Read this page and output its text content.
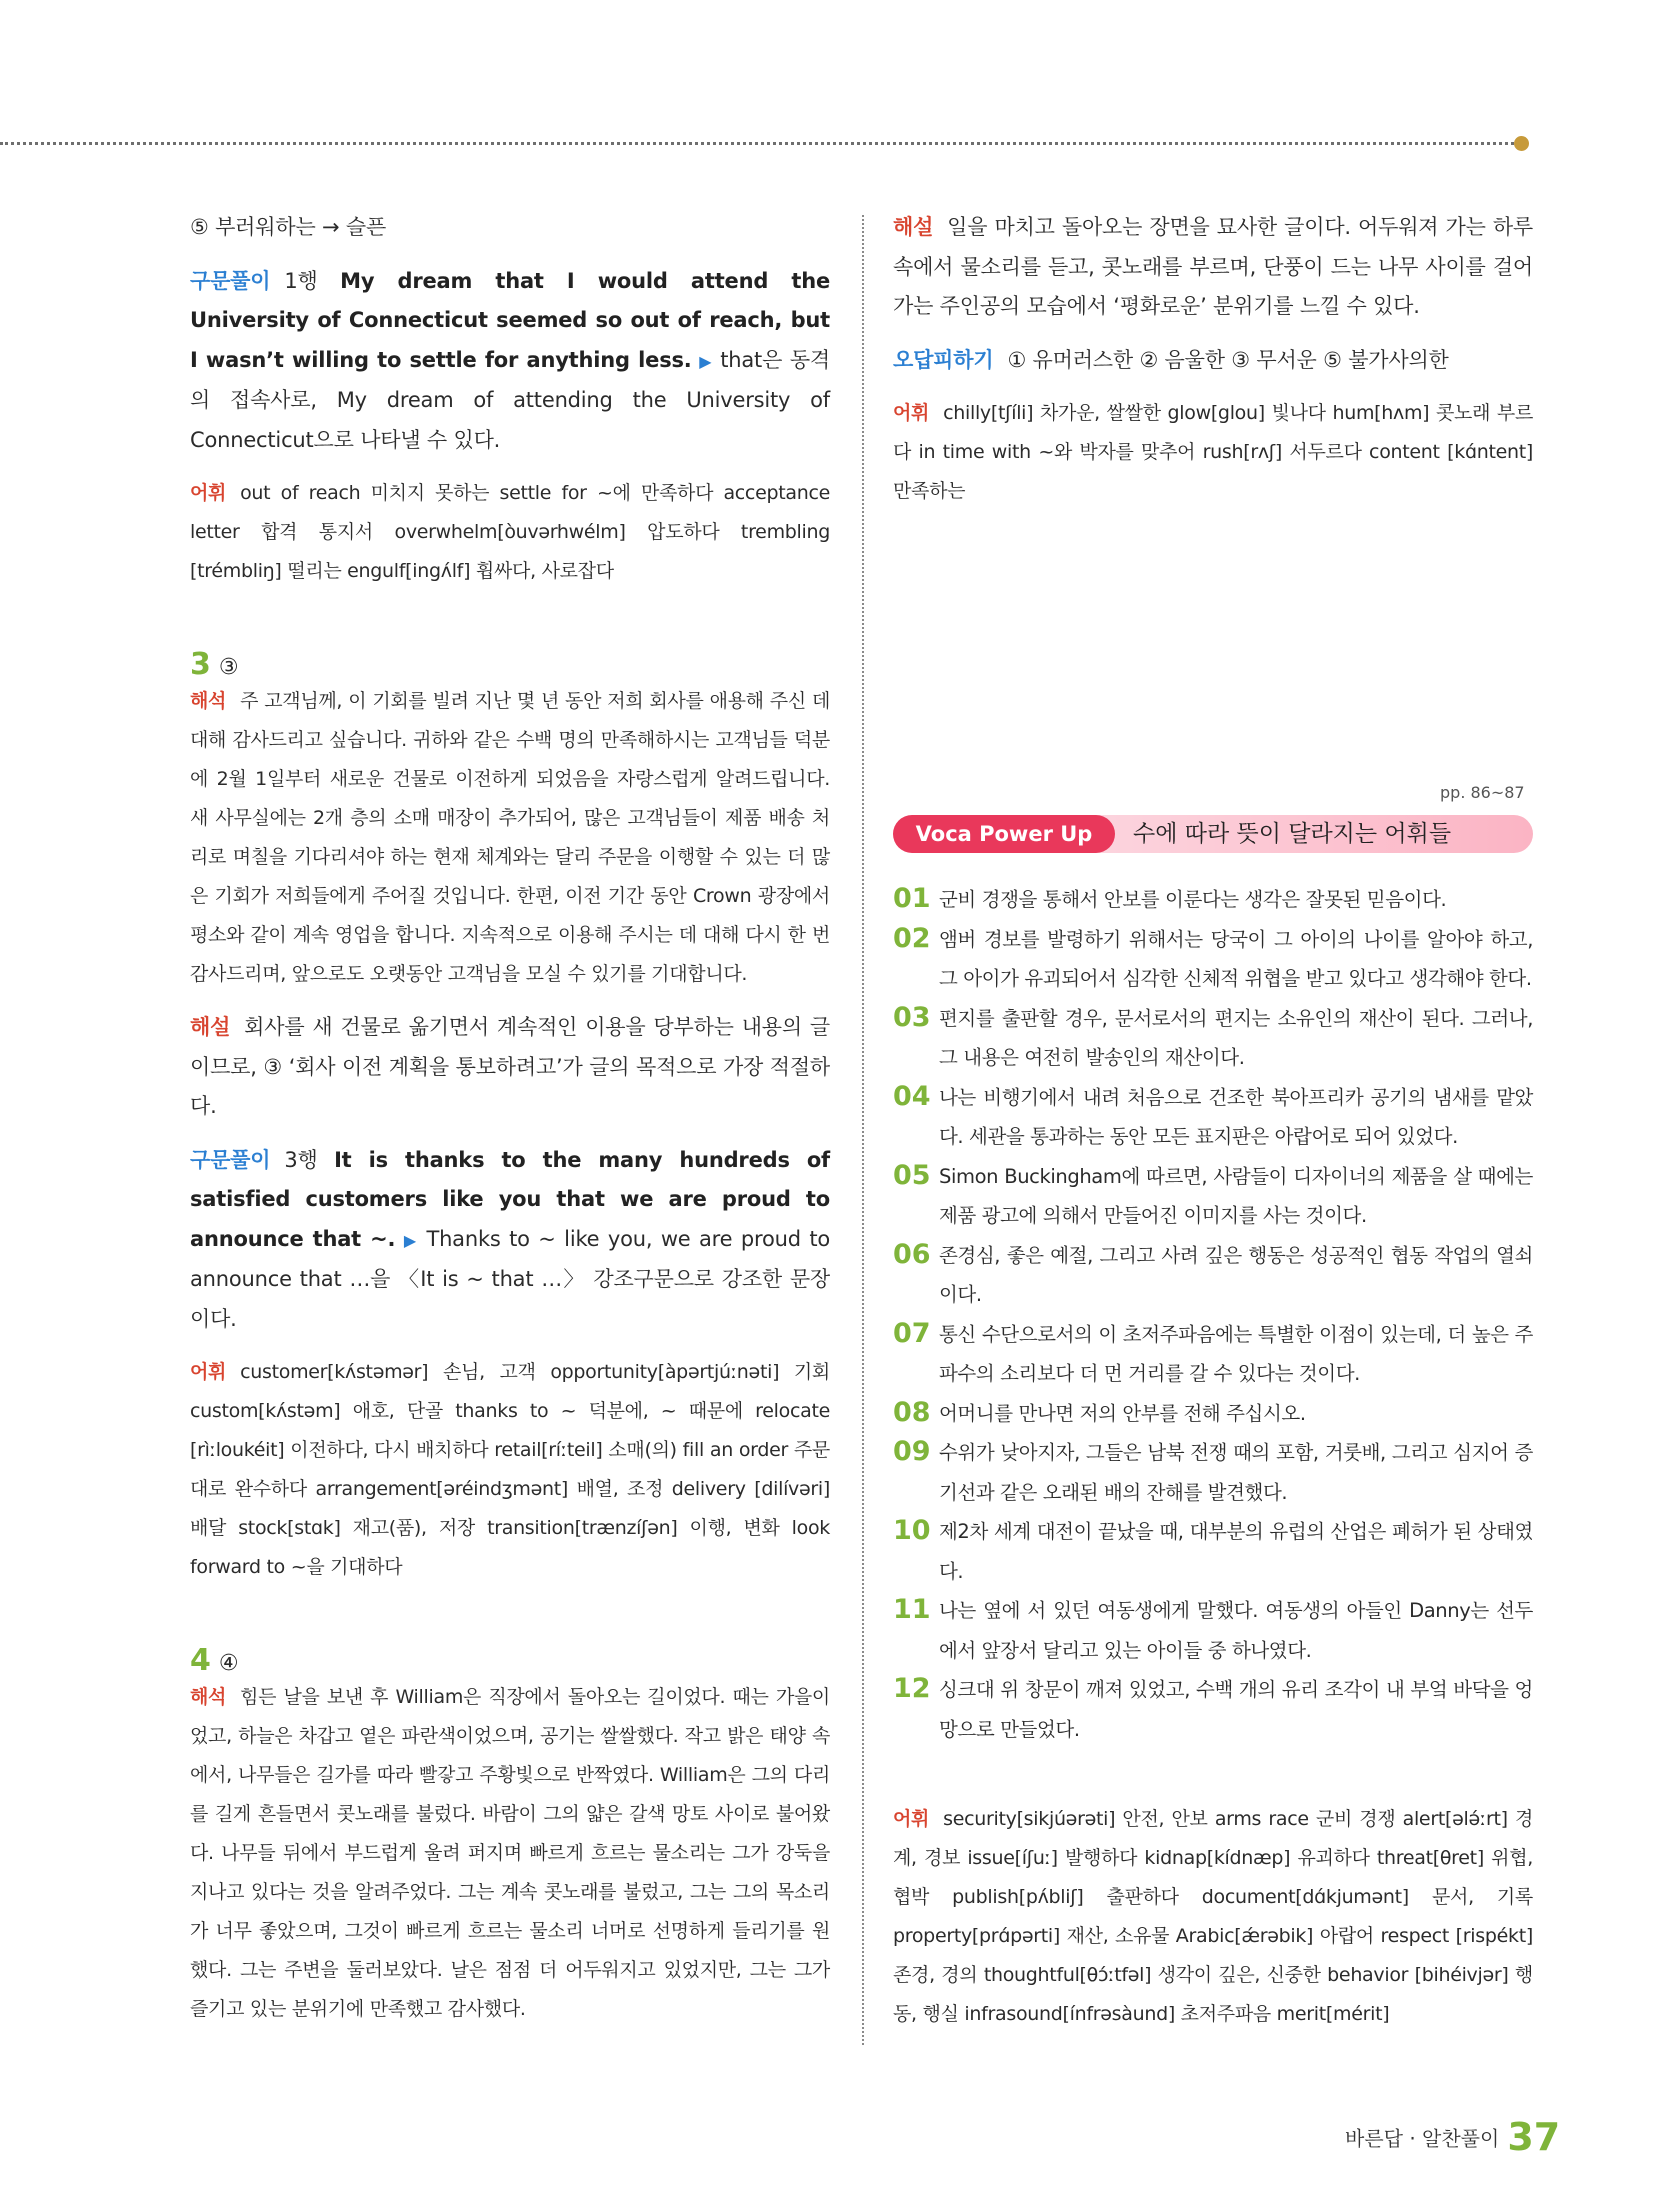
⑤ 부러워하는 → 슬픈

구문풀이 1행 My dream that I would attend the University of Connecticut seemed so out of reach, but I wasn’t willing to settle for anything less. ▶ that은 동격의 접속사로, My dream of attending the University of Connecticut으로 나타낼 수 있다.

어휘 out of reach 미치지 못하는 settle for ~에 만족하다 acceptance letter 합격 통지서 overwhelm[òuvərhwélm] 압도하다 trembling [trémbliŋ] 떨리는 engulf[ingʌ́lf] 휩싸다, 사로잡다

3 ③

해석 주 고객님께, 이 기회를 빌려 지난 몇 년 동안 저희 회사를 애용해 주신 데 대해 감사드리고 싶습니다. 귀하와 같은 수백 명의 만족해하시는 고객님들 덕분에 2월 1일부터 새로운 건물로 이전하게 되었음을 자랑스럽게 알려드립니다. 새 사무실에는 2개 층의 소매 매장이 추가되어, 많은 고객님들이 제품 배송 처리로 며칠을 기다리셔야 하는 현재 체계와는 달리 주문을 이행할 수 있는 더 많은 기회가 저희들에게 주어질 것입니다. 한편, 이전 기간 동안 Crown 광장에서 평소와 같이 계속 영업을 합니다. 지속적으로 이용해 주시는 데 대해 다시 한 번 감사드리며, 앞으로도 오랫동안 고객님을 모실 수 있기를 기대합니다.

해설 회사를 새 건물로 옮기면서 계속적인 이용을 당부하는 내용의 글이므로, ③ ‘회사 이전 계획을 통보하려고’가 글의 목적으로 가장 적절하다.

구문풀이 3행 It is thanks to the many hundreds of satisfied customers like you that we are proud to announce that ~. ▶ Thanks to ~ like you, we are proud to announce that …을 〈It is ~ that …〉 강조구문으로 강조한 문장이다.

어휘 customer[kʌ́stəmər] 손님, 고객 opportunity[àpərtjúːnəti] 기회 custom[kʌ́stəm] 애호, 단골 thanks to ~ 덕분에, ~ 때문에 relocate [rìːloukéit] 이전하다, 다시 배치하다 retail[ríːteil] 소매(의) fill an order 주문대로 완수하다 arrangement[əréindʒmənt] 배열, 조정 delivery [dilívəri] 배달 stock[stɑk] 재고(품), 저장 transition[trænzíʃən] 이행, 변화 look forward to ~을 기대하다

4 ④

해석 힘든 날을 보낸 후 William은 직장에서 돌아오는 길이었다. 때는 가을이었고, 하늘은 차갑고 옅은 파란색이었으며, 공기는 쌀쌀했다. 작고 밝은 태양 속에서, 나무들은 길가를 따라 빨갛고 주황빛으로 반짝였다. William은 그의 다리를 길게 흔들면서 콧노래를 불렀다. 바람이 그의 얇은 갈색 망토 사이로 불어왔다. 나무들 뒤에서 부드럽게 울려 퍼지며 빠르게 흐르는 물소리는 그가 강둑을 지나고 있다는 것을 알려주었다. 그는 계속 콧노래를 불렀고, 그는 그의 목소리가 너무 좋았으며, 그것이 빠르게 흐르는 물소리 너머로 선명하게 들리기를 원했다. 그는 주변을 둘러보았다. 날은 점점 더 어두워지고 있었지만, 그는 그가 즐기고 있는 분위기에 만족했고 감사했다.

해설 일을 마치고 돌아오는 장면을 묘사한 글이다. 어두워져 가는 하루 속에서 물소리를 듣고, 콧노래를 부르며, 단풍이 드는 나무 사이를 걸어가는 주인공의 모습에서 ‘평화로운’ 분위기를 느낄 수 있다.

오답피하기 ① 유머러스한 ② 음울한 ③ 무서운 ⑤ 불가사의한

어휘 chilly[tʃíli] 차가운, 쌀쌀한 glow[glou] 빛나다 hum[hʌm] 콧노래 부르다 in time with ~와 박자를 맞추어 rush[rʌʃ] 서두르다 content [kɑ́ntent] 만족하는

pp. 86~87
Voca Power Up	수에 따라 뜻이 달라지는 어휘들
01 군비 경쟁을 통해서 안보를 이룬다는 생각은 잘못된 믿음이다.
02 앰버 경보를 발령하기 위해서는 당국이 그 아이의 나이를 알아야 하고, 그 아이가 유괴되어서 심각한 신체적 위협을 받고 있다고 생각해야 한다.
03 편지를 출판할 경우, 문서로서의 편지는 소유인의 재산이 된다. 그러나, 그 내용은 여전히 발송인의 재산이다.
04 나는 비행기에서 내려 처음으로 건조한 북아프리카 공기의 냄새를 맡았다. 세관을 통과하는 동안 모든 표지판은 아랍어로 되어 있었다.
05 Simon Buckingham에 따르면, 사람들이 디자이너의 제품을 살 때에는 제품 광고에 의해서 만들어진 이미지를 사는 것이다.
06 존경심, 좋은 예절, 그리고 사려 깊은 행동은 성공적인 협동 작업의 열쇠이다.
07 통신 수단으로서의 이 초저주파음에는 특별한 이점이 있는데, 더 높은 주파수의 소리보다 더 먼 거리를 갈 수 있다는 것이다.
08 어머니를 만나면 저의 안부를 전해 주십시오.
09 수위가 낮아지자, 그들은 남북 전쟁 때의 포함, 거룻배, 그리고 심지어 증기선과 같은 오래된 배의 잔해를 발견했다.
10 제2차 세계 대전이 끝났을 때, 대부분의 유럽의 산업은 폐허가 된 상태였다.
11 나는 옆에 서 있던 여동생에게 말했다. 여동생의 아들인 Danny는 선두에서 앞장서 달리고 있는 아이들 중 하나였다.
12 싱크대 위 창문이 깨져 있었고, 수백 개의 유리 조각이 내 부엌 바닥을 엉망으로 만들었다.

어휘 security[sikjúərəti] 안전, 안보 arms race 군비 경쟁 alert[ələ́ːrt] 경계, 경보 issue[íʃuː] 발행하다 kidnap[kídnæp] 유괴하다 threat[θret] 위협, 협박 publish[pʌ́bliʃ] 출판하다 document[dɑ́kjumənt] 문서, 기록 property[prɑ́pərti] 재산, 소유물 Arabic[ǽrəbik] 아랍어 respect [rispékt] 존경, 경의 thoughtful[θɔ́ːtfəl] 생각이 깊은, 신중한 behavior [bihéivjər] 행동, 행실 infrasound[ínfrəsàund] 초저주파음 merit[mérit]

바른답 · 알찬풀이 37
